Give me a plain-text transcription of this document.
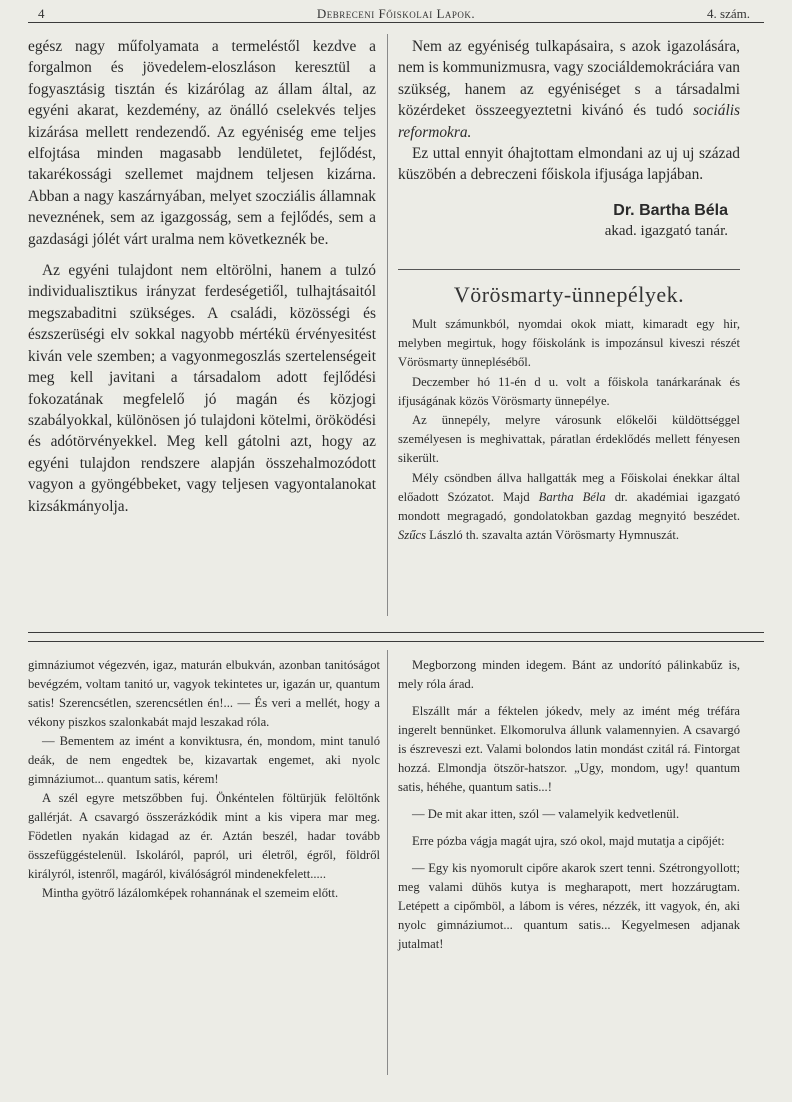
4	Debreceni Főiskolai Lapok.	4. szám.

egész nagy műfolyamata a termeléstől kezdve a forgalmon és jövedelem-eloszláson keresztül a fogyasztásig tisztán és kizárólag az állam által, az egyéni akarat, kezdemény, az önálló cselekvés teljes kizárása mellett rendezendő. Az egyéniség eme teljes elfojtása minden magasabb lendületet, fejlődést, takarékossági szellemet majdnem teljesen kizárna. Abban a nagy kaszárnyában, melyet szocziális államnak neveznének, sem az igazgosság, sem a fejlődés, sem a gazdasági jólét várt uralma nem következnék be.

Az egyéni tulajdont nem eltörölni, hanem a tulzó individualisztikus irányzat ferdeségetiől, tulhajtásaitól megszabaditni szükséges. A családi, közösségi és észszerüségi elv sokkal nagyobb mértékü érvényesitést kiván vele szemben; a vagyonmegoszlás szertelenségeit meg kell javitani a társadalom adott fejlődési fokozatának megfelelő jó magán és közjogi szabályokkal, különösen jó tulajdoni kötelmi, öröködési és adótörvényekkel. Meg kell gátolni azt, hogy az egyéni tulajdon rendszere alapján összehalmozódott vagyon a gyöngébbeket, vagy teljesen vagyontalanokat kizsákmányolja.

Nem az egyéniség tulkapásaira, s azok igazolására, nem is kommunizmusra, vagy szociáldemokráciára van szükség, hanem az egyéniséget s a társadalmi közérdeket összeegyeztetni kivánó és tudó sociális reformokra.

Ez uttal ennyit óhajtottam elmondani az uj uj század küszöbén a debreczeni főiskola ifjusága lapjában.

Dr. Bartha Béla
akad. igazgató tanár.
Vörösmarty-ünnepélyek.

Mult számunkból, nyomdai okok miatt, kimaradt egy hir, melyben megirtuk, hogy főiskolánk is impozánsul kiveszi részét Vörösmarty ünnepléséből.

Deczember hó 11-én d u. volt a főiskola tanárkarának és ifjuságának közös Vörösmarty ünnepélye.

Az ünnepély, melyre városunk előkelői küldöttséggel személyesen is meghivattak, páratlan érdeklődés mellett fényesen sikerült.

Mély csöndben állva hallgatták meg a Főiskolai énekkar által előadott Szózatot. Majd Bartha Béla dr. akadémiai igazgató mondott megragadó, gondolatokban gazdag megnyitó beszédet. Szűcs László th. szavalta aztán Vörösmarty Hymnuszát.

gimnáziumot végezvén, igaz, maturán elbukván, azonban tanitóságot bevégzém, voltam tanitó ur, vagyok tekintetes ur, igazán ur, quantum satis! Szerencsétlen, szerencsétlen én!... — És veri a mellét, hogy a vékony piszkos szalonkabát majd leszakad róla.

— Bementem az imént a konviktusra, én, mondom, mint tanuló deák, de nem engedtek be, kizavartak engemet, aki nyolc gimnáziumot... quantum satis, kérem!

A szél egyre metszőbben fuj. Önkéntelen föltürjük felöltőnk gallérját. A csavargó összerázkódik mint a kis vipera mar meg. Födetlen nyakán kidagad az ér. Aztán beszél, hadar tovább összefüggéstelenül. Iskoláról, papról, uri életről, égről, földről királyról, istenről, magáról, kiválóságról mindenekfelett.....

Mintha gyötrő lázálomképek rohannának el szemeim előtt.

Megborzong minden idegem. Bánt az undorító pálinkabűz is, mely róla árad.

Elszállt már a féktelen jókedv, mely az imént még tréfára ingerelt bennünket. Elkomorulva állunk valamennyien. A csavargó is észreveszi ezt. Valami bolondos latin mondást czitál rá. Fintorgat hozzá. Elmondja ötször-hatszor. „Ugy, mondom, ugy! quantum satis, héhéhe, quantum satis...!

— De mit akar itten, szól — valamelyik kedvetlenül.

Erre pózba vágja magát ujra, szó okol, majd mutatja a cipőjét:

— Egy kis nyomorult cipőre akarok szert tenni. Szétrongyollott; meg valami dühös kutya is megharapott, mert hozzárugtam. Letépett a cipőmböl, a lábom is véres, nézzék, itt vagyok, én, aki nyolc gimnáziumot... quantum satis... Kegyelmesen adjanak jutalmat!
